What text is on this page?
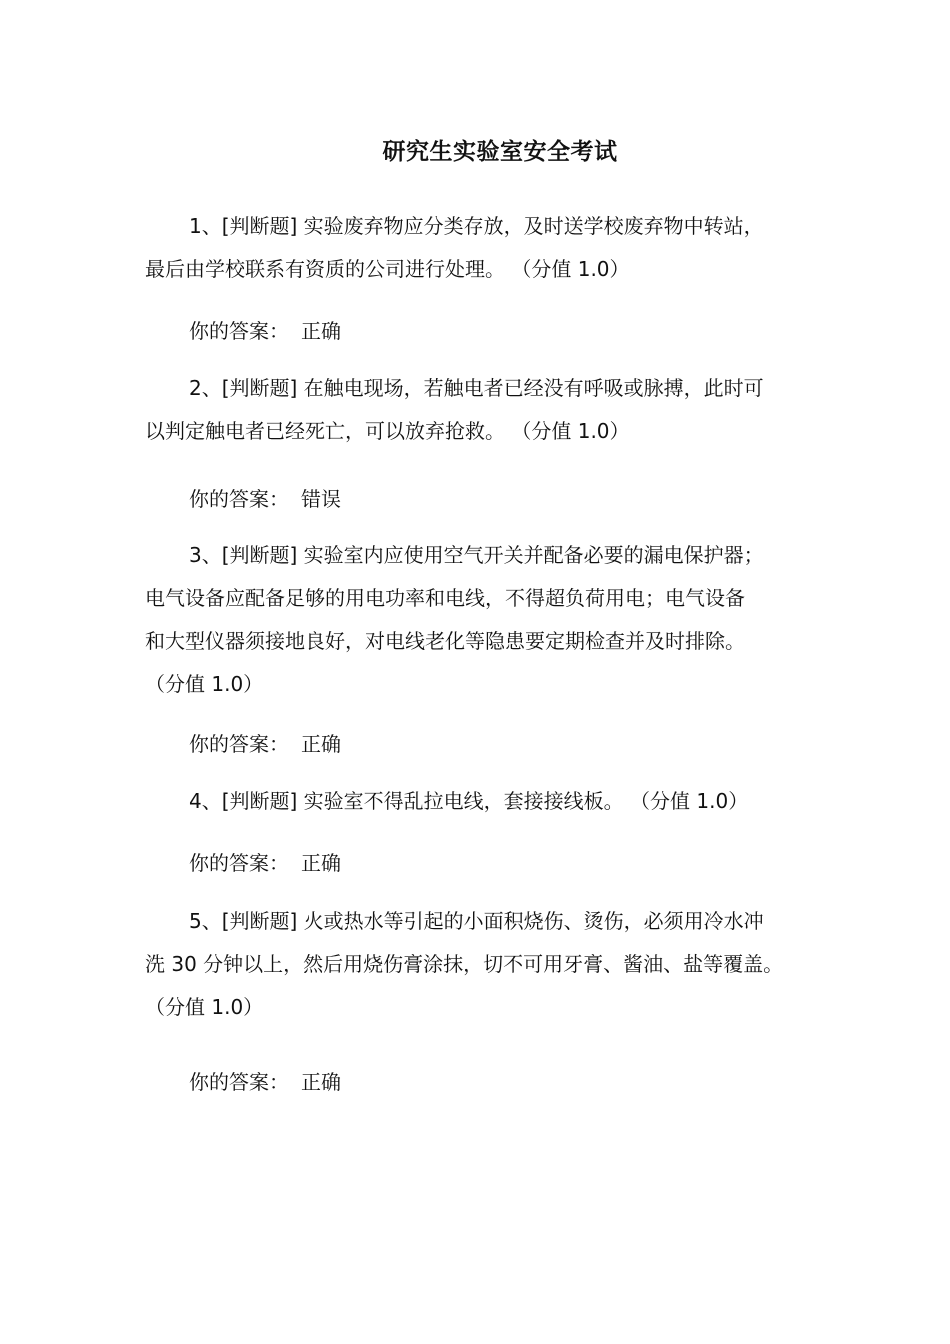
研究生实验室安全考试
1、[判断题] 实验废弃物应分类存放，及时送学校废弃物中转站，
最后由学校联系有资质的公司进行处理。 （分值 1.0）
你的答案： 正确
2、[判断题] 在触电现场，若触电者已经没有呼吸或脉搏，此时可
以判定触电者已经死亡，可以放弃抢救。 （分值 1.0）
你的答案： 错误
3、[判断题] 实验室内应使用空气开关并配备必要的漏电保护器；
电气设备应配备足够的用电功率和电线，不得超负荷用电；电气设备
和大型仪器须接地良好，对电线老化等隐患要定期检查并及时排除。
（分值 1.0）
你的答案： 正确
4、[判断题] 实验室不得乱拉电线，套接接线板。 （分值 1.0）
你的答案： 正确
5、[判断题] 火或热水等引起的小面积烧伤、烫伤，必须用冷水冲
洗 30 分钟以上，然后用烧伤膏涂抹，切不可用牙膏、酱油、盐等覆盖。
（分值 1.0）
你的答案： 正确
